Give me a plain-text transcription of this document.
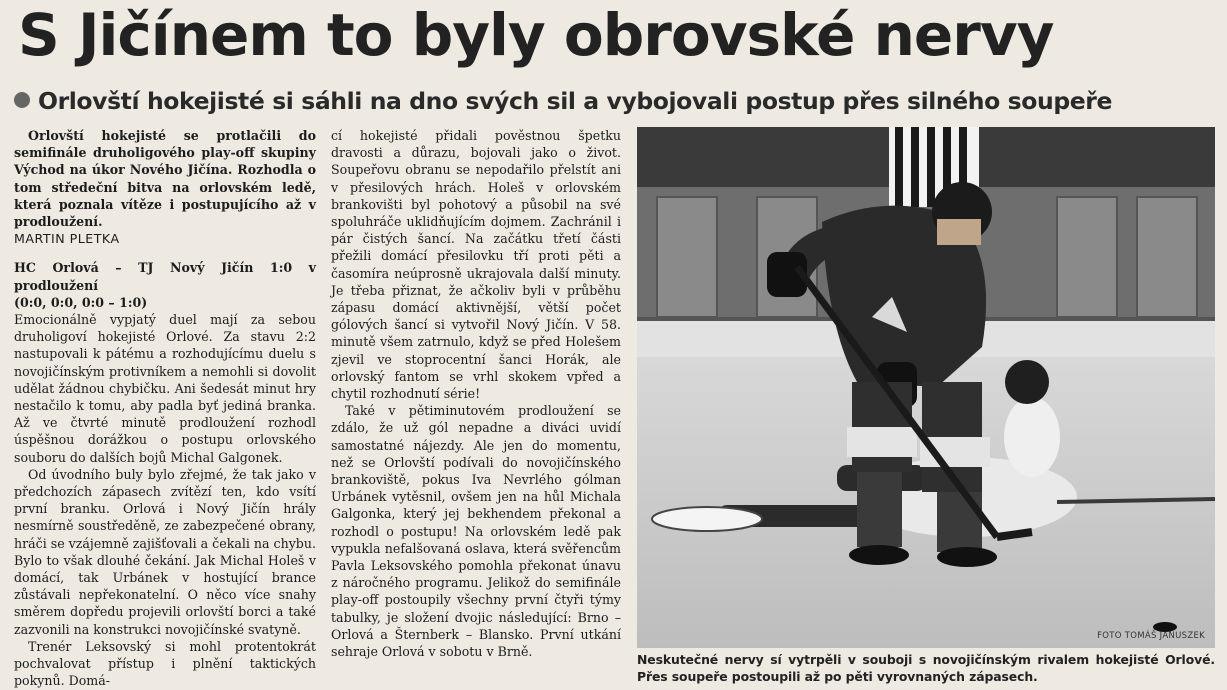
S Jičínem to byly obrovské nervy
Orlovští hokejisté si sáhli na dno svých sil a vybojovali postup přes silného soupeře

Orlovští hokejisté se protlačili do semifinále druholigového play-off skupiny Východ na úkor Nového Jičína. Rozhodla o tom středeční bitva na orlovském ledě, která poznala vítěze i postupujícího až v prodloužení.

MARTIN PLETKA
HC Orlová – TJ Nový Jičín 1:0 v prodloužení
(0:0, 0:0, 0:0 – 1:0)

Emocionálně vypjatý duel mají za sebou druholigoví hokejisté Orlové. Za stavu 2:2 nastupovali k pátému a rozhodujícímu duelu s novojičínským protivníkem a nemohli si dovolit udělat žádnou chybičku. Ani šedesát minut hry nestačilo k tomu, aby padla byť jediná branka. Až ve čtvrté minutě prodloužení rozhodl úspěšnou dorážkou o postupu orlovského souboru do dalších bojů Michal Galgonek.

Od úvodního buly bylo zřejmé, že tak jako v předchozích zápasech zvítězí ten, kdo vsítí první branku. Orlová i Nový Jičín hrály nesmírně soustředěně, ze zabezpečené obrany, hráči se vzájemně zajišťovali a čekali na chybu. Bylo to však dlouhé čekání. Jak Michal Holeš v domácí, tak Urbánek v hostující brance zůstávali nepřekonatelní. O něco více snahy směrem dopředu projevili orlovští borci a také zazvonili na konstrukci novojičínské svatyně.

Trenér Leksovský si mohl protentokrát pochvalovat přístup i plnění taktických pokynů. Domá-

cí hokejisté přidali pověstnou špetku dravosti a důrazu, bojovali jako o život. Soupeřovu obranu se nepodařilo přelstít ani v přesilových hrách. Holeš v orlovském brankovišti byl pohotový a působil na své spoluhráče uklidňujícím dojmem. Zachránil i pár čistých šancí. Na začátku třetí části přežili domácí přesilovku tří proti pěti a časomíra neúprosně ukrajovala další minuty. Je třeba přiznat, že ačkoliv byli v průběhu zápasu domácí aktivnější, větší počet gólových šancí si vytvořil Nový Jičín. V 58. minutě všem zatrnulo, když se před Holešem zjevil ve stoprocentní šanci Horák, ale orlovský fantom se vrhl skokem vpřed a chytil rozhodnutí série!

Také v pětiminutovém prodloužení se zdálo, že už gól nepadne a diváci uvidí samostatné nájezdy. Ale jen do momentu, než se Orlovští podívali do novojičínského brankoviště, pokus Iva Nevrlého gólman Urbánek vytěsnil, ovšem jen na hůl Michala Galgonka, který jej bekhendem překonal a rozhodl o postupu! Na orlovském ledě pak vypukla nefalšovaná oslava, která svěřencům Pavla Leksovského pomohla překonat únavu z náročného programu. Jelikož do semifinále play-off postoupily všechny první čtyři týmy tabulky, je složení dvojic následující: Brno – Orlová a Šternberk – Blansko. První utkání sehraje Orlová v sobotu v Brně.

FOTO TOMÁŠ JANUSZEK
Neskutečné nervy sí vytrpěli v souboji s novojičínským rivalem hokejisté Orlové. Přes soupeře postoupili až po pěti vyrovnaných zápasech.
